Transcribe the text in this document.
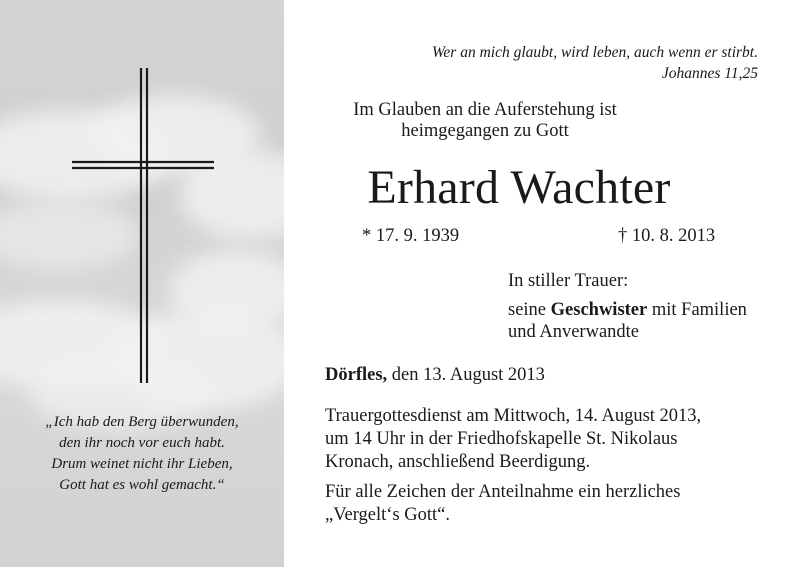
„Ich hab den Berg überwunden,
den ihr noch vor euch habt.
Drum weinet nicht ihr Lieben,
Gott hat es wohl gemacht.“
Wer an mich glaubt, wird leben, auch wenn er stirbt.
Johannes 11,25
Im Glauben an die Auferstehung ist
heimgegangen zu Gott
Erhard Wachter
* 17. 9. 1939	† 10. 8. 2013
In stiller Trauer:
seine Geschwister mit Familien
und Anverwandte
Dörfles, den 13. August 2013
Trauergottesdienst am Mittwoch, 14. August 2013,
um 14 Uhr in der Friedhofskapelle St. Nikolaus
Kronach, anschließend Beerdigung.
Für alle Zeichen der Anteilnahme ein herzliches
„Vergelt‘s Gott“.
